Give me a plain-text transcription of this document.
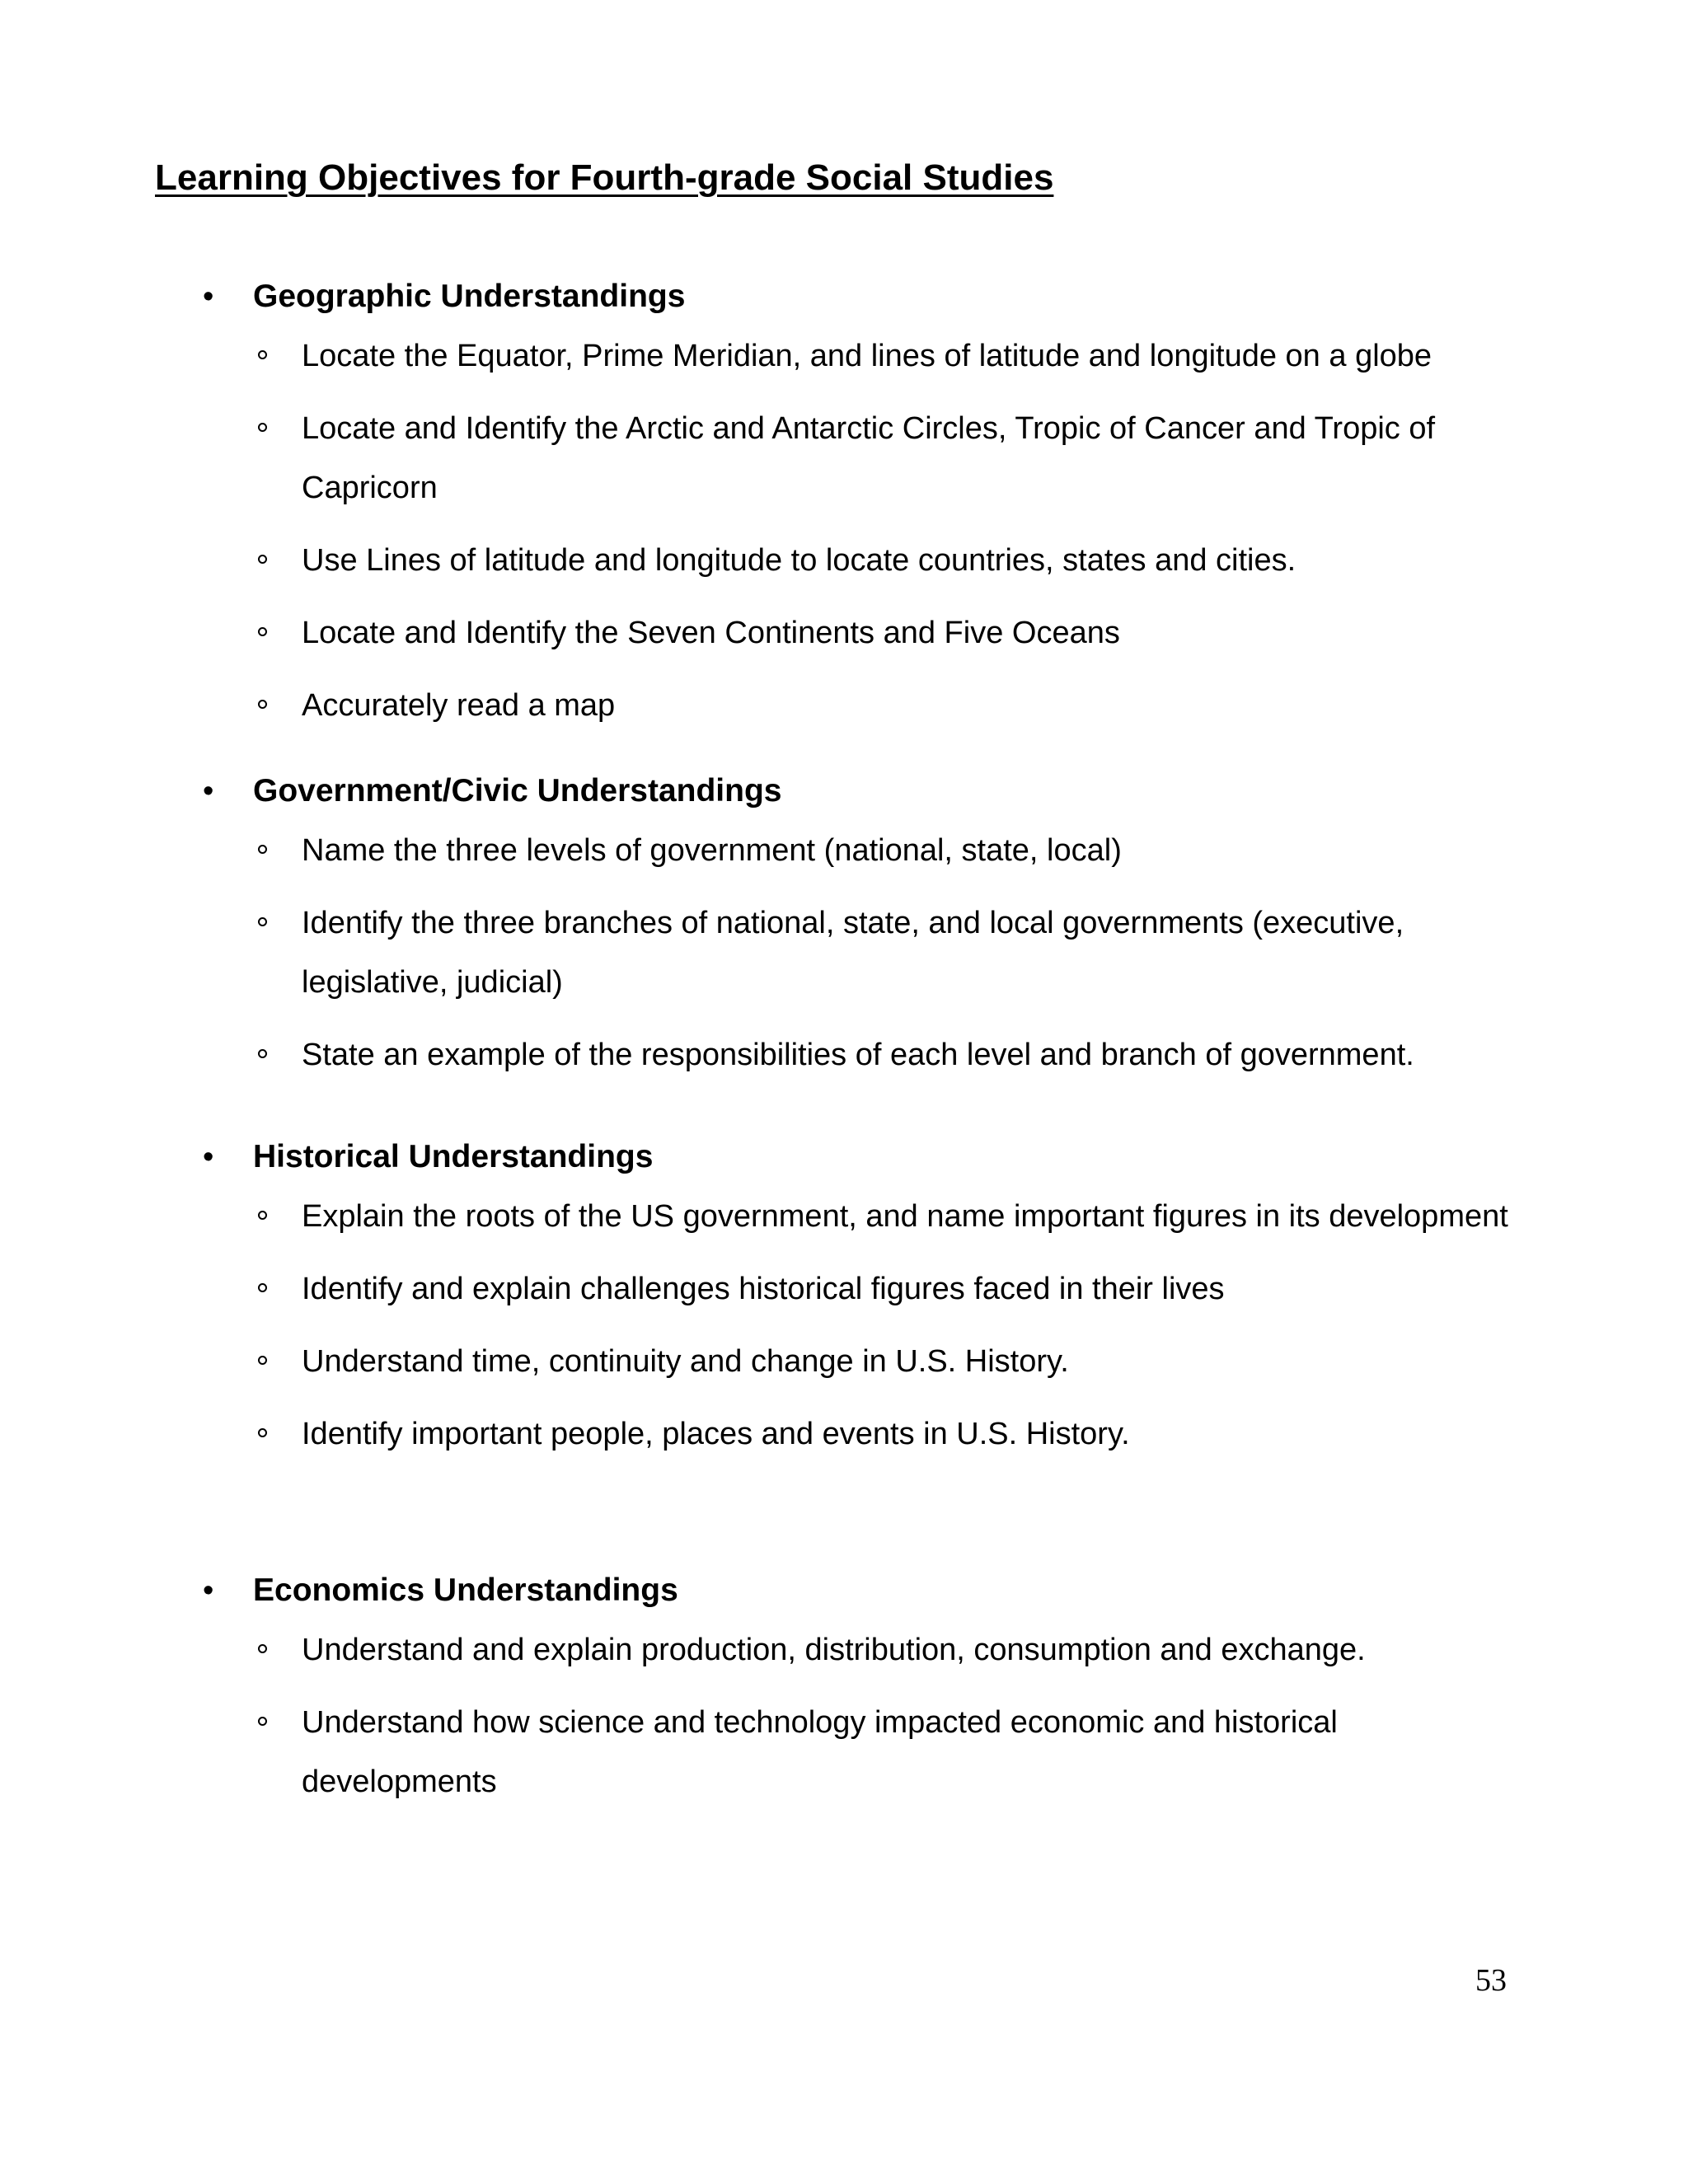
Learning Objectives for Fourth-grade Social Studies
• Geographic Understandings
Locate the Equator, Prime Meridian, and lines of latitude and longitude on a globe
Locate and Identify the Arctic and Antarctic Circles, Tropic of Cancer and Tropic of Capricorn
Use Lines of latitude and longitude to locate countries, states and cities.
Locate and Identify the Seven Continents and Five Oceans
Accurately read a map
• Government/Civic Understandings
Name the three levels of government (national, state, local)
Identify the three branches of national, state, and local governments (executive, legislative, judicial)
State an example of the responsibilities of each level and branch of government.
• Historical Understandings
Explain the roots of the US government, and name important figures in its development
Identify and explain challenges historical figures faced in their lives
Understand time, continuity and change in U.S. History.
Identify important people, places and events in U.S. History.
• Economics Understandings
Understand and explain production, distribution, consumption and exchange.
Understand how science and technology impacted economic and historical developments
53
